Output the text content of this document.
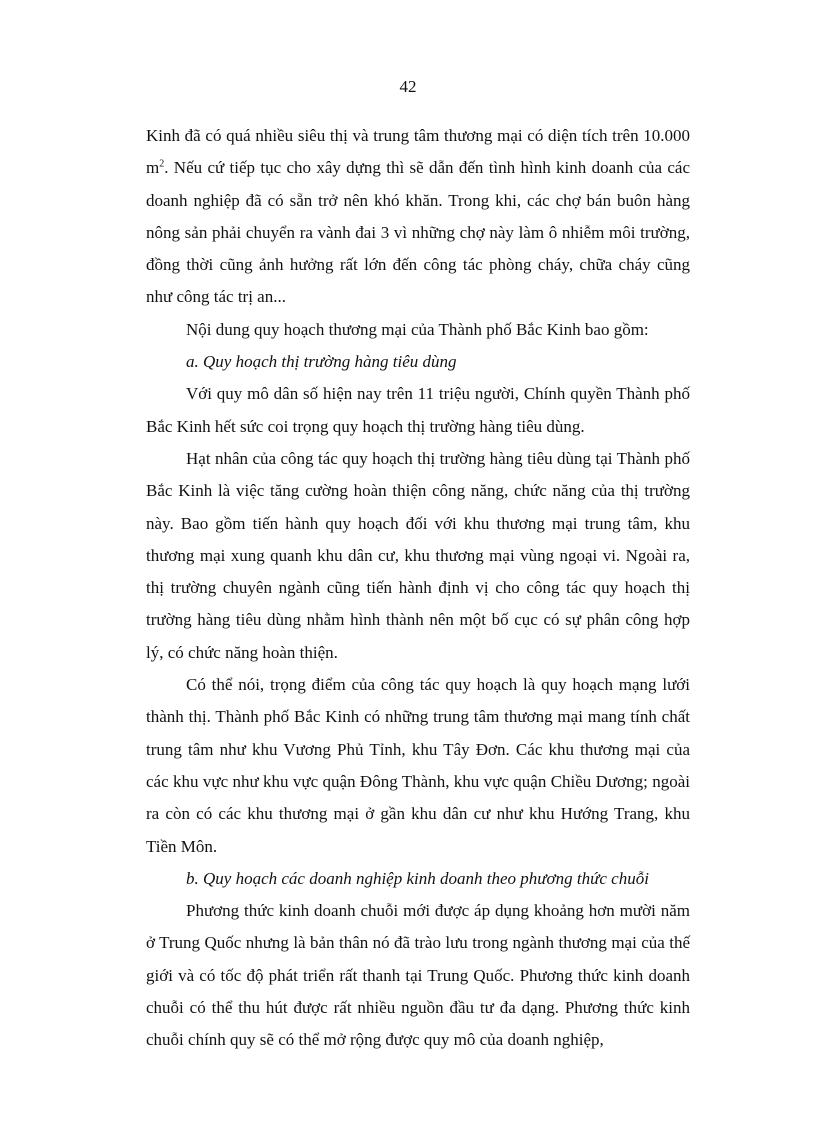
42

Kinh đã có quá nhiều siêu thị và trung tâm thương mại có diện tích trên 10.000 $m^2$. Nếu cứ tiếp tục cho xây dựng thì sẽ dẫn đến tình hình kinh doanh của các doanh nghiệp đã có sẵn trở nên khó khăn. Trong khi, các chợ bán buôn hàng nông sản phải chuyển ra vành đai 3 vì những chợ này làm ô nhiễm môi trường, đồng thời cũng ảnh hưởng rất lớn đến công tác phòng cháy, chữa cháy cũng như công tác trị an...

Nội dung quy hoạch thương mại của Thành phố Bắc Kinh bao gồm:

a. Quy hoạch thị trường hàng tiêu dùng

Với quy mô dân số hiện nay trên 11 triệu người, Chính quyền Thành phố Bắc Kinh hết sức coi trọng quy hoạch thị trường hàng tiêu dùng.

Hạt nhân của công tác quy hoạch thị trường hàng tiêu dùng tại Thành phố Bắc Kinh là việc tăng cường hoàn thiện công năng, chức năng của thị trường này. Bao gồm tiến hành quy hoạch đối với khu thương mại trung tâm, khu thương mại xung quanh khu dân cư, khu thương mại vùng ngoại vi. Ngoài ra, thị trường chuyên ngành cũng tiến hành định vị cho công tác quy hoạch thị trường hàng tiêu dùng nhằm hình thành nên một bố cục có sự phân công hợp lý, có chức năng hoàn thiện.

Có thể nói, trọng điểm của công tác quy hoạch là quy hoạch mạng lưới thành thị. Thành phố Bắc Kinh có những trung tâm thương mại mang tính chất trung tâm như khu Vương Phủ Tỉnh, khu Tây Đơn. Các khu thương mại của các khu vực như khu vực quận Đông Thành, khu vực quận Chiều Dương; ngoài ra còn có các khu thương mại ở gần khu dân cư như khu Hướng Trang, khu Tiền Môn.

b. Quy hoạch các doanh nghiệp kinh doanh theo phương thức chuỗi

Phương thức kinh doanh chuỗi mới được áp dụng khoảng hơn mười năm ở Trung Quốc nhưng là bản thân nó đã trào lưu trong ngành thương mại của thế giới và có tốc độ phát triển rất thanh tại Trung Quốc. Phương thức kinh doanh chuỗi có thể thu hút được rất nhiều nguồn đầu tư đa dạng. Phương thức kinh chuỗi chính quy sẽ có thể mở rộng được quy mô của doanh nghiệp,
